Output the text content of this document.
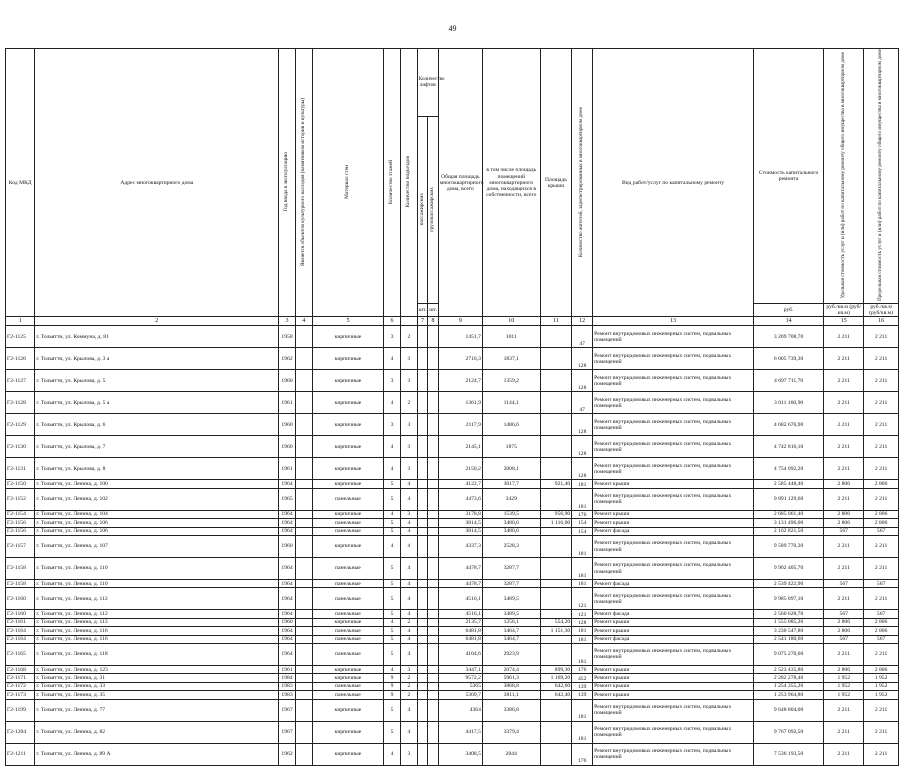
49
Код МКД	Адрес многоквартирного дома	Год ввода в эксплуатацию	Является объектом культурного наследия (памятником истории и культуры)	Материал стен	Количество этажей	Количество подъездов	Количество лифтов		Общая площадь многоквартирного дома, всего	в том числе площадь помещений многоквартирного дома, находящихся в собственности, всего	Площадь крыши	Количество жителей, зарегистрированных в многоквартирном доме	Вид работ/услуг по капитальному ремонту	Стоимость капитального ремонта	Удельная стоимость услуг и (или) работ по капитальному ремонту общего имущества в многоквартирном доме	Предельная стоимость услуг и (или) работ по капитальному ремонту общего имущества в многоквартирном доме
							пассажирских	грузопассажирских								
							шт.	шт.						руб.	руб./кв.м (руб/кв.м)	руб./кв.м (руб/кв.м)
1	2	3	4	5	6		7	8	9	10	11	12	13	14	15	16
Г2-1125	г. Тольятти, ул. Коммуна, д. 81	1958		кирпичные	3	2			1451,7	1011		47	Ремонт внутридомовых инженерных систем, подвальных помещений	3 209 708,70	2 211	2 211
Г2-1126	г. Тольятти, ул. Крылова, д. 3 а	1962		кирпичные	4	3			2716,3	1837,1		128	Ремонт внутридомовых инженерных систем, подвальных помещений	6 005 739,30	2 211	2 211
Г2-1127	г. Тольятти, ул. Крылова, д. 5	1960		кирпичные	3	3			2124,7	1359,2		128	Ремонт внутридомовых инженерных систем, подвальных помещений	4 697 711,70	2 211	2 211
Г2-1128	г. Тольятти, ул. Крылова, д. 5 а	1961		кирпичные	4	2			1361,9	1144,1		47	Ремонт внутридомовых инженерных систем, подвальных помещений	3 011 160,90	2 211	2 211
Г2-1129	г. Тольятти, ул. Крылова, д. 6	1960		кирпичные	3	3			2117,9	1486,6		128	Ремонт внутридомовых инженерных систем, подвальных помещений	4 682 676,90	2 211	2 211
Г2-1130	г. Тольятти, ул. Крылова, д. 7	1960		кирпичные	4	3			2145,1	1875		128	Ремонт внутридомовых инженерных систем, подвальных помещений	4 742 816,10	2 211	2 211
Г2-1131	г. Тольятти, ул. Крылова, д. 8	1961		кирпичные	4	3			2150,2	2008,1		128	Ремонт внутридомовых инженерных систем, подвальных помещений	4 754 092,20	2 211	2 211
Г2-1150	г. Тольятти, ул. Ленина, д. 100	1964		кирпичные	5	4			4122,7	3017,7	921,40	181	Ремонт крыши	2 585 448,40	2 806	2 806
Г2-1152	г. Тольятти, ул. Ленина, д. 102	1965		панельные	5	4			4473,6	3429		181	Ремонт внутридомовых инженерных систем, подвальных помещений	9 891 129,60	2 211	2 211
Г2-1154	г. Тольятти, ул. Ленина, д. 104	1964		кирпичные	4	3			3178,8	1539,5	956,90	176	Ремонт крыши	2 685 061,40	2 806	2 806
Г2-1156	г. Тольятти, ул. Ленина, д. 106	1964		панельные	5	4			3814,5	3480,6	1 116,00	154	Ремонт крыши	3 131 496,00	2 806	2 806
Г2-1156	г. Тольятти, ул. Ленина, д. 106	1964		панельные	5	4			3814,5	3480,6		154	Ремонт фасада	2 162 821,50	567	567
Г2-1157	г. Тольятти, ул. Ленина, д. 107	1960		кирпичные	4	4			4337,3	2528,3		181	Ремонт внутридомовых инженерных систем, подвальных помещений	9 589 770,30	2 211	2 211
Г2-1158	г. Тольятти, ул. Ленина, д. 110	1964		панельные	5	4			4478,7	3287,7		181	Ремонт внутридомовых инженерных систем, подвальных помещений	9 902 405,70	2 211	2 211
Г2-1158	г. Тольятти, ул. Ленина, д. 110	1964		панельные	5	4			4478,7	3287,7		181	Ремонт фасада	2 539 422,90	567	567
Г2-1160	г. Тольятти, ул. Ленина, д. 112	1964		панельные	5	4			4516,1	3489,5		121	Ремонт внутридомовых инженерных систем, подвальных помещений	9 985 097,10	2 211	2 211
Г2-1160	г. Тольятти, ул. Ленина, д. 112	1964		панельные	5	4			4516,1	3489,5		121	Ремонт фасада	2 560 628,70	567	567
Г2-1161	г. Тольятти, ул. Ленина, д. 113	1960		кирпичные	4	2			2135,7	1256,1	554,20	128	Ремонт крыши	1 555 085,20	2 806	2 806
Г2-1164	г. Тольятти, ул. Ленина, д. 116	1964		панельные	5	4			6481,8	3464,7	1 151,30	181	Ремонт крыши	3 230 547,80	2 806	2 806
Г2-1164	г. Тольятти, ул. Ленина, д. 116	1964		панельные	5	4			6481,8	3464,7		181	Ремонт фасада	2 541 180,60	567	567
Г2-1165	г. Тольятти, ул. Ленина, д. 118	1964		панельные	5	4			4104,6	2923,9		181	Ремонт внутридомовых инженерных систем, подвальных помещений	9 075 270,60	2 211	2 211
Г2-1168	г. Тольятти, ул. Ленина, д. 123	1961		кирпичные	4	3			3447,1	2074,4	899,30	176	Ремонт крыши	2 523 435,80	2 806	2 806
Г2-1171	г. Тольятти, ул. Ленина, д. 31	1984		кирпичные	9	2			9572,2	5961,3	1 169,20	452	Ремонт крыши	2 282 278,40	1 952	1 952
Г2-1172	г. Тольятти, ул. Ленина, д. 33	1983		панельные	9	2			5365	3868,8	642,60	139	Ремонт крыши	1 254 355,20	1 952	1 952
Г2-1173	г. Тольятти, ул. Ленина, д. 35	1983		панельные	9	2			5309,7	3811,1	642,40	139	Ремонт крыши	1 253 964,80	1 952	1 952
Г2-1199	г. Тольятти, ул. Ленина, д. 77	1967		кирпичные	5	4			4364	3386,8		181	Ремонт внутридомовых инженерных систем, подвальных помещений	9 648 804,00	2 211	2 211
Г2-1204	г. Тольятти, ул. Ленина, д. 82	1967		кирпичные	5	4			4417,5	3379,4		181	Ремонт внутридомовых инженерных систем, подвальных помещений	9 767 092,50	2 211	2 211
Г2-1211	г. Тольятти, ул. Ленина, д. 89 А	1962		кирпичные	4	3			3408,5	2044		176	Ремонт внутридомовых инженерных систем, подвальных помещений	7 536 193,50	2 211	2 211
